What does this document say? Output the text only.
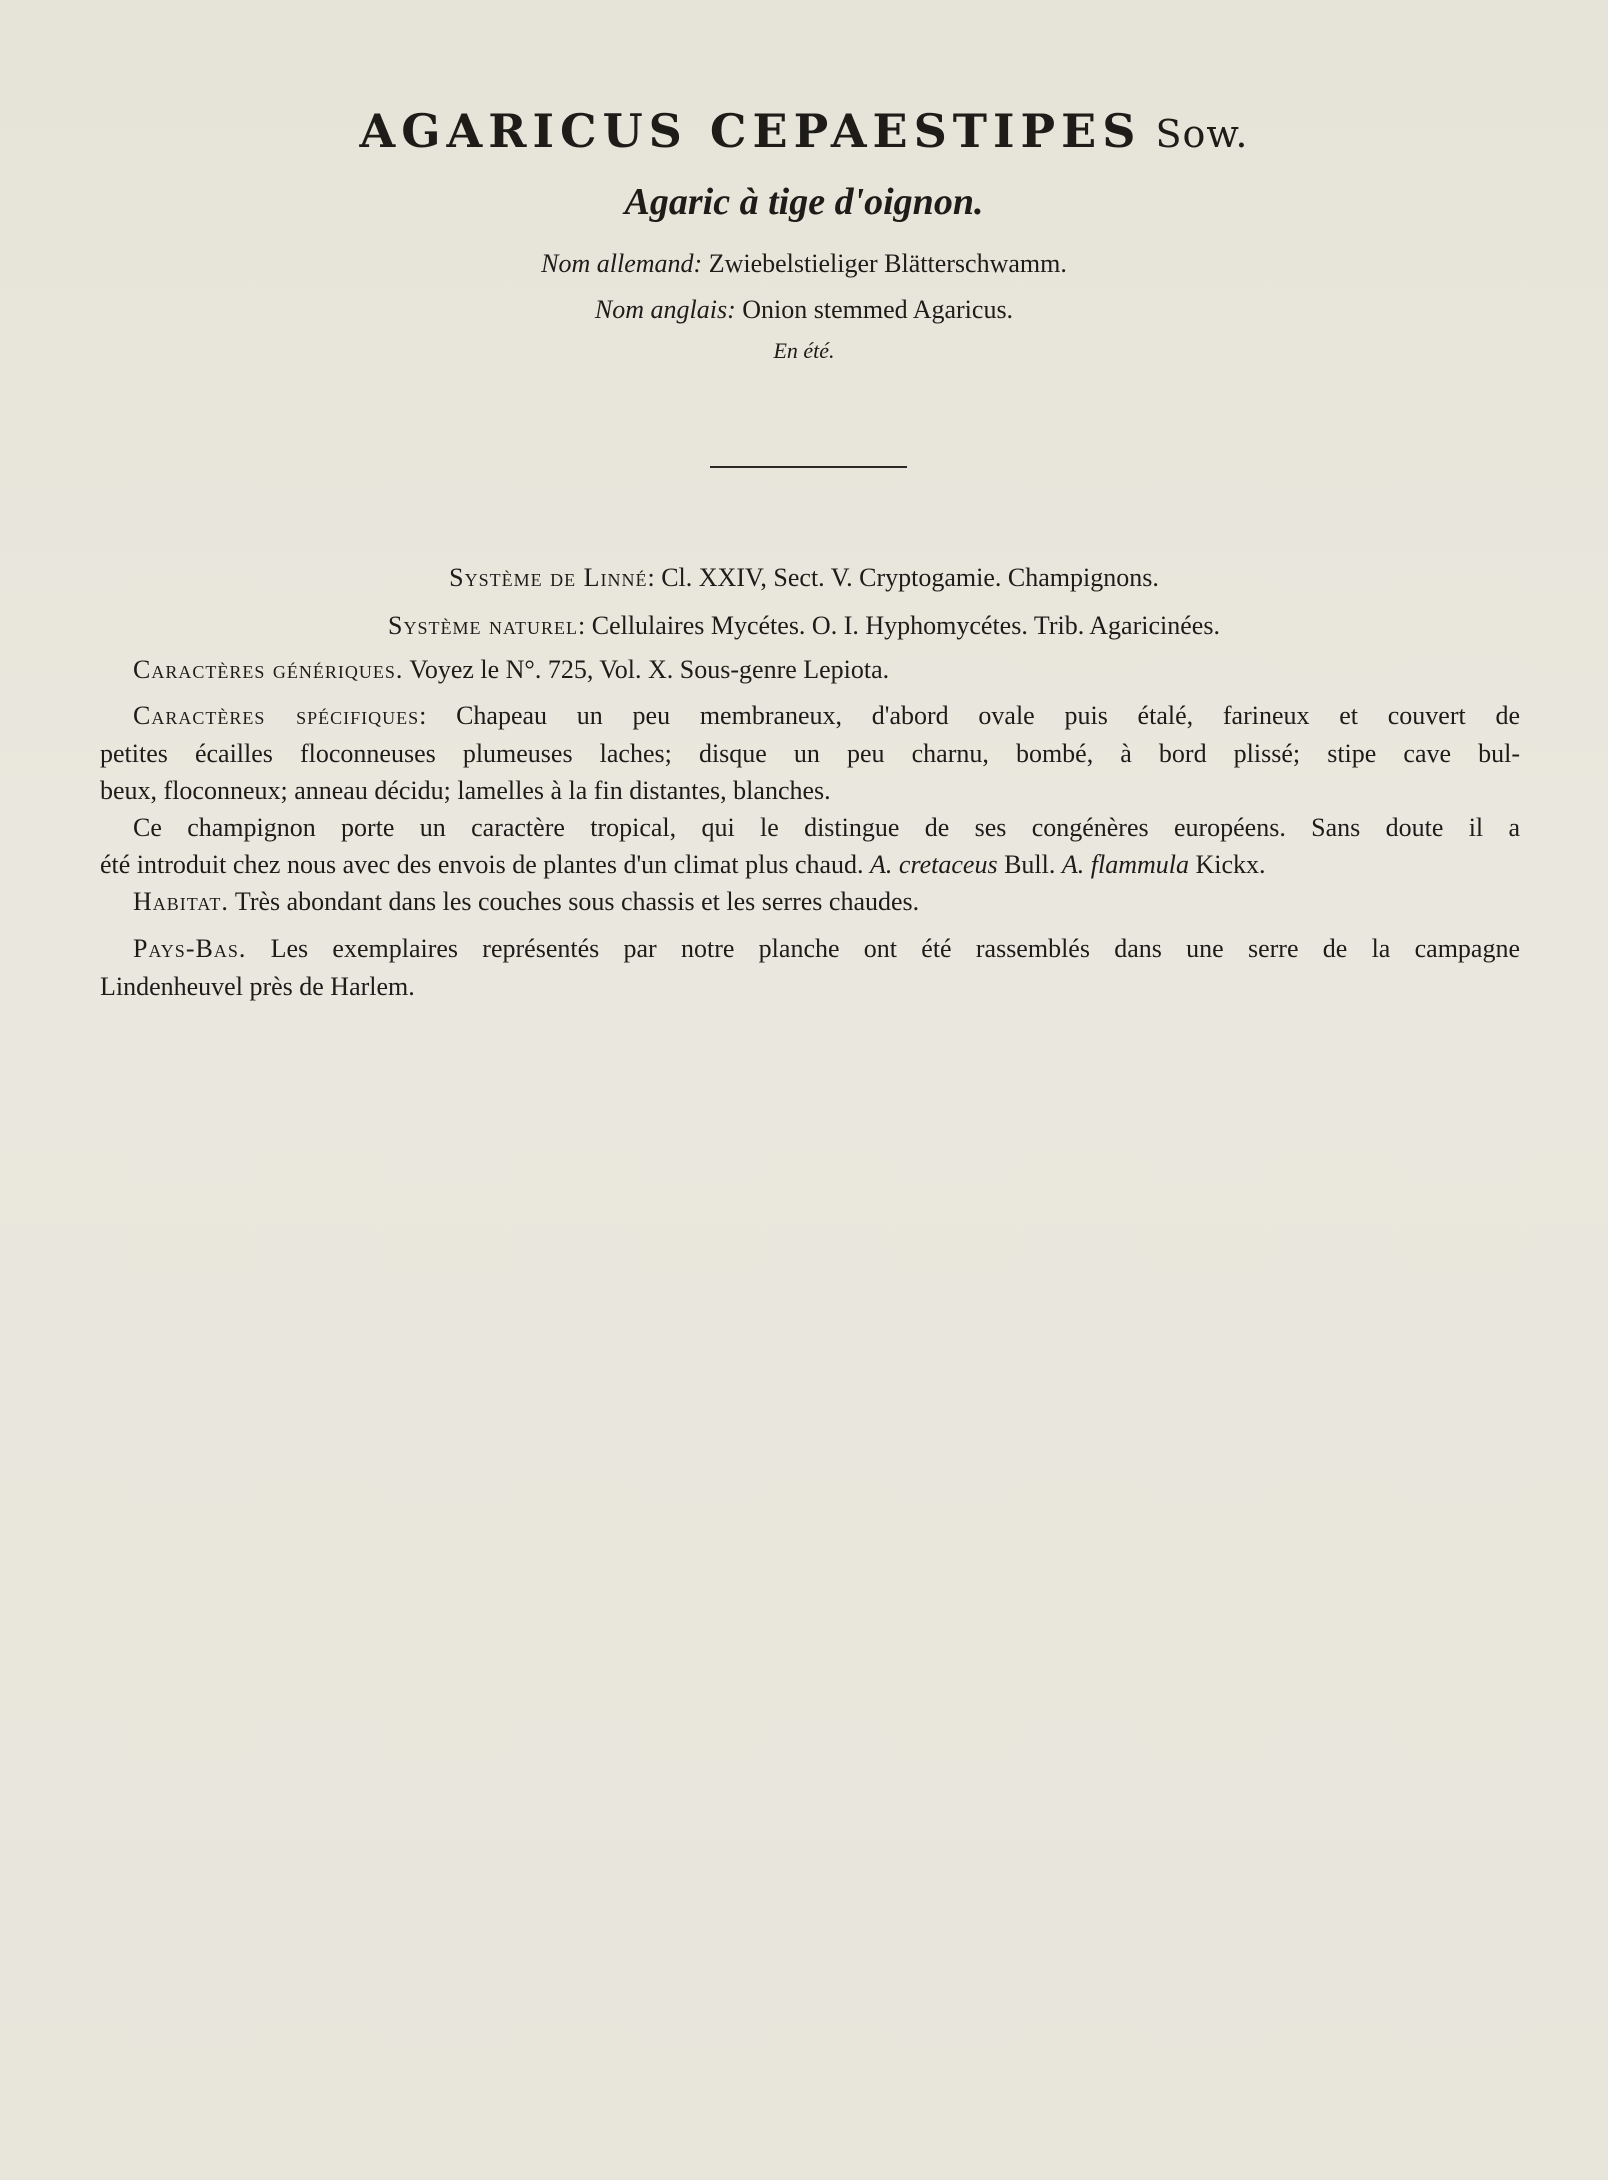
AGARICUS CEPAESTIPES Sow.
Agaric à tige d'oignon.
Nom allemand: Zwiebelstieliger Blätterschwamm.
Nom anglais: Onion stemmed Agaricus.
En été.
Système de Linné: Cl. XXIV, Sect. V. Cryptogamie. Champignons.
Système naturel: Cellulaires Mycétes. O. I. Hyphomycétes. Trib. Agaricinées.
Caractères génériques. Voyez le N°. 725, Vol. X. Sous-genre Lepiota.
Caractères spécifiques: Chapeau un peu membraneux, d'abord ovale puis étalé, farineux et couvert de
petites écailles floconneuses plumeuses laches; disque un peu charnu, bombé, à bord plissé; stipe cave bul-
beux, floconneux; anneau décidu; lamelles à la fin distantes, blanches.
Ce champignon porte un caractère tropical, qui le distingue de ses congénères européens. Sans doute il a
été introduit chez nous avec des envois de plantes d'un climat plus chaud. A. cretaceus Bull. A. flammula Kickx.
Habitat. Très abondant dans les couches sous chassis et les serres chaudes.
Pays-Bas. Les exemplaires représentés par notre planche ont été rassemblés dans une serre de la campagne
Lindenheuvel près de Harlem.
